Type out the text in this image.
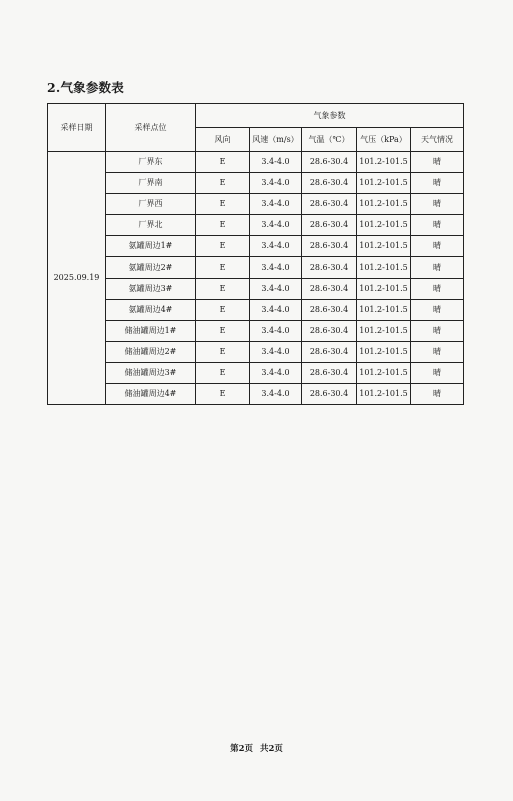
2.气象参数表
采样日期	采样点位	气象参数				
		风向	风速（m/s）	气温（℃）	气压（kPa）	天气情况
2025.09.19	厂界东	E	3.4-4.0	28.6-30.4	101.2-101.5	晴
	厂界南	E	3.4-4.0	28.6-30.4	101.2-101.5	晴
	厂界西	E	3.4-4.0	28.6-30.4	101.2-101.5	晴
	厂界北	E	3.4-4.0	28.6-30.4	101.2-101.5	晴
	氨罐周边1#	E	3.4-4.0	28.6-30.4	101.2-101.5	晴
	氨罐周边2#	E	3.4-4.0	28.6-30.4	101.2-101.5	晴
	氨罐周边3#	E	3.4-4.0	28.6-30.4	101.2-101.5	晴
	氨罐周边4#	E	3.4-4.0	28.6-30.4	101.2-101.5	晴
	储油罐周边1#	E	3.4-4.0	28.6-30.4	101.2-101.5	晴
	储油罐周边2#	E	3.4-4.0	28.6-30.4	101.2-101.5	晴
	储油罐周边3#	E	3.4-4.0	28.6-30.4	101.2-101.5	晴
	储油罐周边4#	E	3.4-4.0	28.6-30.4	101.2-101.5	晴
第2页 共2页
